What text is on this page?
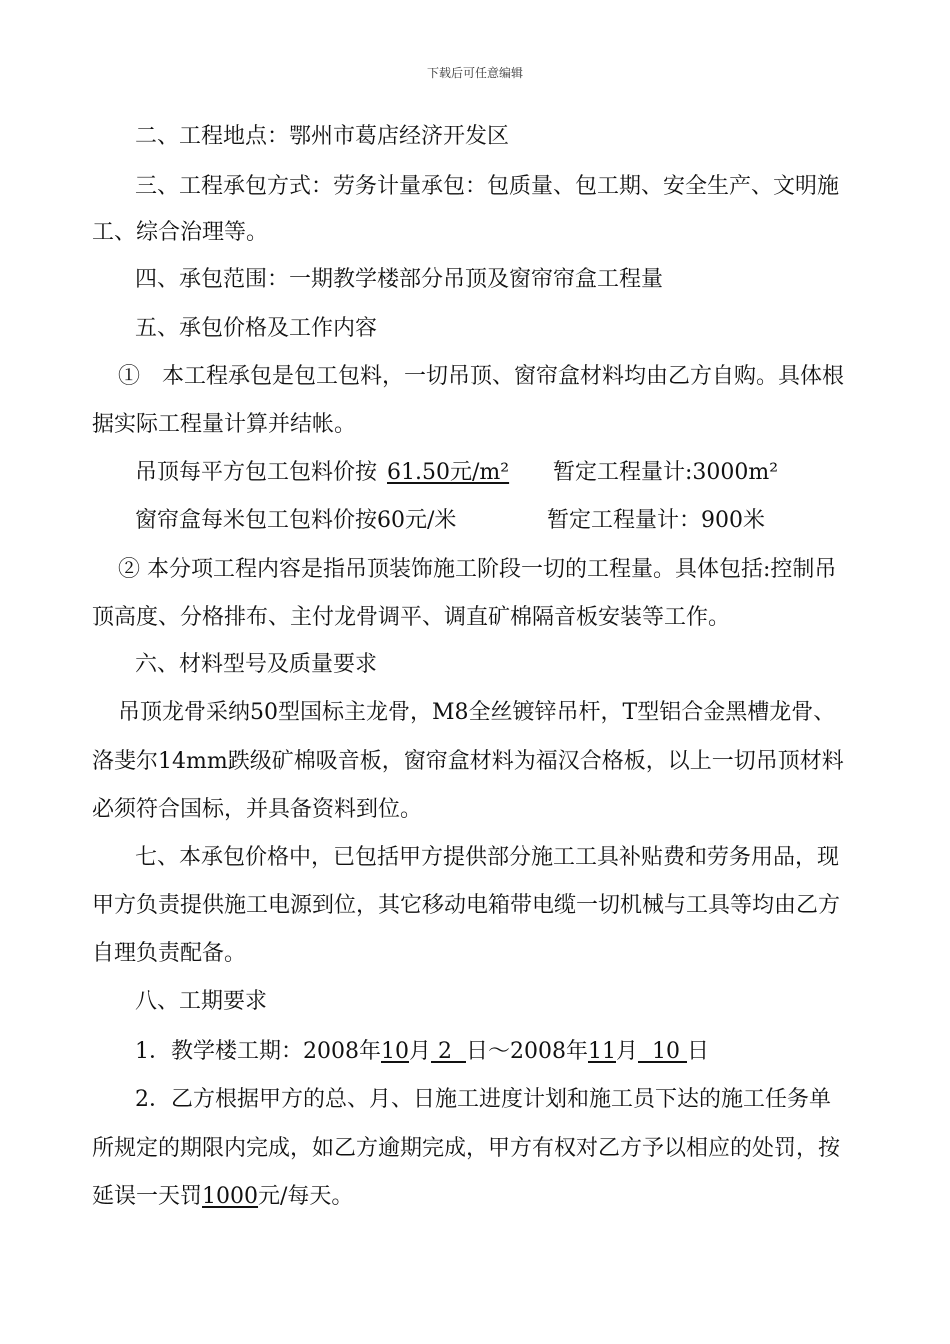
下载后可任意编辑
二、工程地点：鄂州市葛店经济开发区
三、工程承包方式：劳务计量承包：包质量、包工期、安全生产、文明施
工、综合治理等。
四、承包范围：一期教学楼部分吊顶及窗帘帘盒工程量
五、承包价格及工作内容
①　本工程承包是包工包料，一切吊顶、窗帘盒材料均由乙方自购。具体根
据实际工程量计算并结帐。
吊顶每平方包工包料价按 61.50元/m²	暂定工程量计:3000m²
窗帘盒每米包工包料价按60元/米	暂定工程量计：900米
② 本分项工程内容是指吊顶装饰施工阶段一切的工程量。具体包括:控制吊
顶高度、分格排布、主付龙骨调平、调直矿棉隔音板安装等工作。
六、材料型号及质量要求
吊顶龙骨采纳50型国标主龙骨，M8全丝镀锌吊杆，T型铝合金黑槽龙骨、
洛斐尔14mm跌级矿棉吸音板，窗帘盒材料为福汉合格板，以上一切吊顶材料
必须符合国标，并具备资料到位。
七、本承包价格中，已包括甲方提供部分施工工具补贴费和劳务用品，现
甲方负责提供施工电源到位，其它移动电箱带电缆一切机械与工具等均由乙方
自理负责配备。
八、工期要求
1．教学楼工期：2008年10月 2  日～2008年11月  10 日
2．乙方根据甲方的总、月、日施工进度计划和施工员下达的施工任务单
所规定的期限内完成，如乙方逾期完成，甲方有权对乙方予以相应的处罚，按
延误一天罚1000元/每天。
